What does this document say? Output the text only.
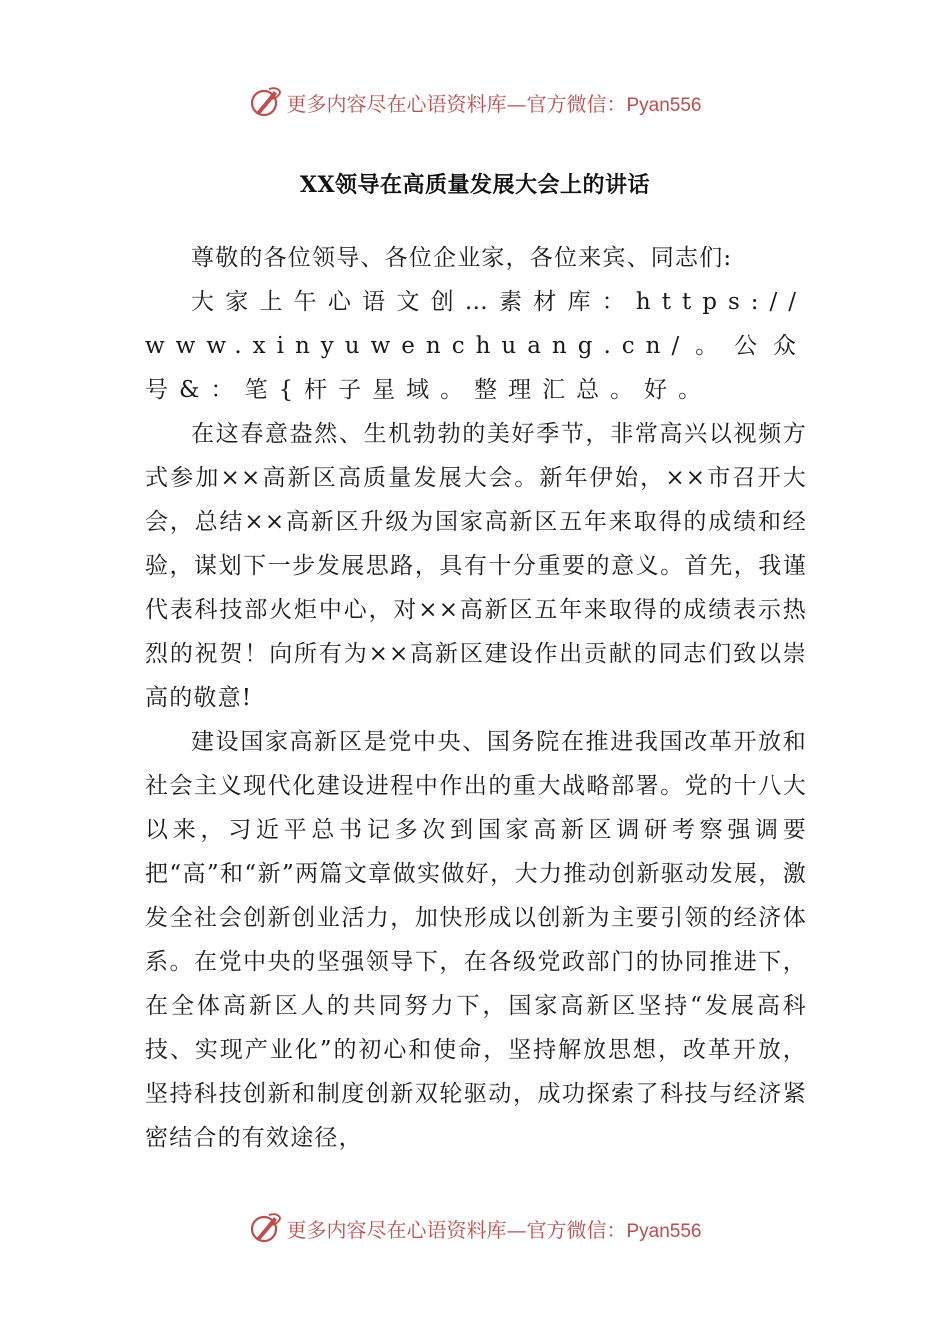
更多内容尽在心语资料库—官方微信：Pyan556
XX领导在高质量发展大会上的讲话

尊敬的各位领导、各位企业家，各位来宾、同志们:

大家上午心语文创…素材库：https://www.xinyuwenchuang.cn/。公众号&：笔{杆子星域。整理汇总。好。

在这春意盎然、生机勃勃的美好季节，非常高兴以视频方式参加××高新区高质量发展大会。新年伊始，××市召开大会，总结××高新区升级为国家高新区五年来取得的成绩和经验，谋划下一步发展思路，具有十分重要的意义。首先，我谨代表科技部火炬中心，对××高新区五年来取得的成绩表示热烈的祝贺！向所有为××高新区建设作出贡献的同志们致以崇高的敬意!

建设国家高新区是党中央、国务院在推进我国改革开放和社会主义现代化建设进程中作出的重大战略部署。党的十八大以来，习近平总书记多次到国家高新区调研考察强调要把“高”和“新”两篇文章做实做好，大力推动创新驱动发展，激发全社会创新创业活力，加快形成以创新为主要引领的经济体系。在党中央的坚强领导下，在各级党政部门的协同推进下，在全体高新区人的共同努力下，国家高新区坚持“发展高科技、实现产业化”的初心和使命，坚持解放思想，改革开放，坚持科技创新和制度创新双轮驱动，成功探索了科技与经济紧密结合的有效途径，

更多内容尽在心语资料库—官方微信：Pyan556
